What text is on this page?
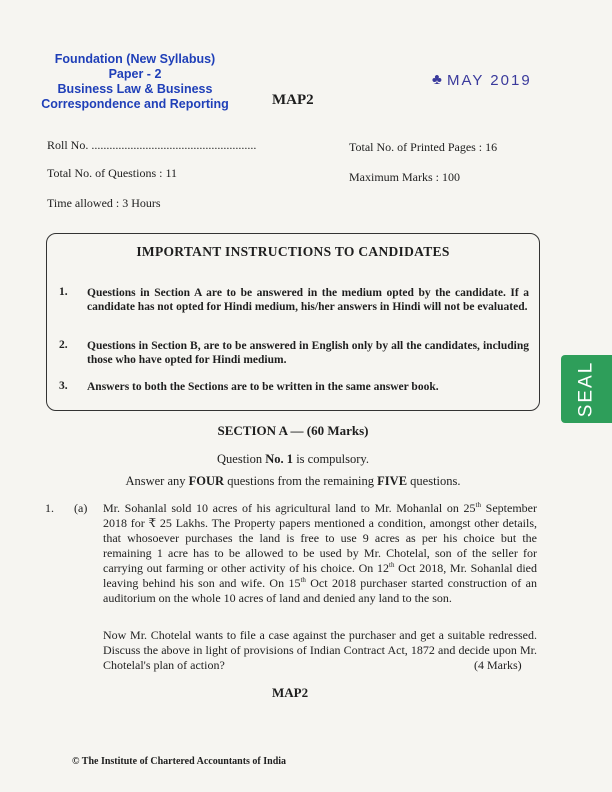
Foundation (New Syllabus)
Paper - 2
Business Law & Business
Correspondence and Reporting	MAP2
♣ MAY 2019
Roll No. .......................................................	Total No. of Printed Pages : 16
Total No. of Questions : 11	Maximum Marks : 100
Time allowed : 3 Hours
IMPORTANT INSTRUCTIONS TO CANDIDATES
1. Questions in Section A are to be answered in the medium opted by the candidate. If a candidate has not opted for Hindi medium, his/her answers in Hindi will not be evaluated.
2. Questions in Section B, are to be answered in English only by all the candidates, including those who have opted for Hindi medium.
3. Answers to both the Sections are to be written in the same answer book.	SEAL
SECTION A — (60 Marks)
Question No. 1 is compulsory.
Answer any FOUR questions from the remaining FIVE questions.
1. (a) Mr. Sohanlal sold 10 acres of his agricultural land to Mr. Mohanlal on 25th September 2018 for ₹ 25 Lakhs. The Property papers mentioned a condition, amongst other details, that whosoever purchases the land is free to use 9 acres as per his choice but the remaining 1 acre has to be allowed to be used by Mr. Chotelal, son of the seller for carrying out farming or other activity of his choice. On 12th Oct 2018, Mr. Sohanlal died leaving behind his son and wife. On 15th Oct 2018 purchaser started construction of an auditorium on the whole 10 acres of land and denied any land to the son.
Now Mr. Chotelal wants to file a case against the purchaser and get a suitable redressed. Discuss the above in light of provisions of Indian Contract Act, 1872 and decide upon Mr. Chotelal's plan of action?	(4 Marks)
MAP2
© The Institute of Chartered Accountants of India
